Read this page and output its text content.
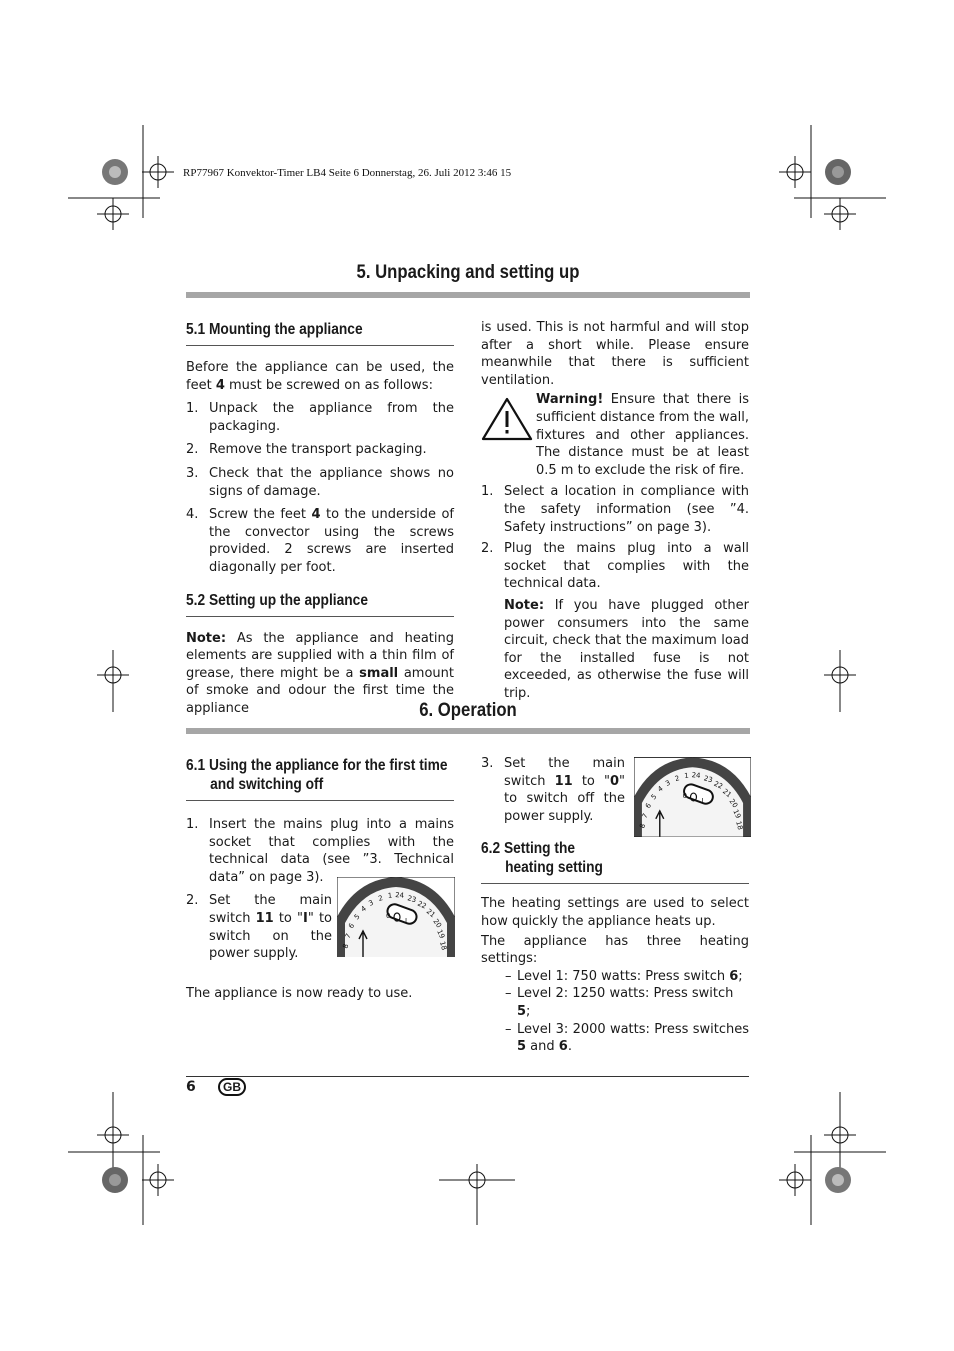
RP77967 Konvektor-Timer LB4 Seite 6 Donnerstag, 26. Juli 2012 3:46 15
5. Unpacking and setting up
5.1 Mounting the appliance

Before the appliance can be used, the feet 4 must be screwed on as follows:

1. Unpack the appliance from the packaging.
2. Remove the transport packaging.
3. Check that the appliance shows no signs of damage.
4. Screw the feet 4 to the underside of the convector using the screws provided. 2 screws are inserted diagonally per foot.
5.2 Setting up the appliance

Note: As the appliance and heating elements are supplied with a thin film of grease, there might be a small amount of smoke and odour the first time the appliance

is used. This is not harmful and will stop after a short while. Please ensure meanwhile that there is sufficient ventilation.

Warning! Ensure that there is sufficient distance from the wall, fixtures and other appliances. The distance must be at least 0.5 m to exclude the risk of fire.

1. Select a location in compliance with the safety information (see ”4. Safety instructions” on page 3).
2. Plug the mains plug into a wall socket that complies with the technical data.

Note: If you have plugged other power consumers into the same circuit, check that the maximum load for the installed fuse is not exceeded, as otherwise the fuse will trip.

6. Operation
6.1 Using the appliance for the first time
and switching off
1. Insert the mains plug into a mains socket that complies with the technical data (see ”3. Technical data” on page 3).
2. Set the main switch 11 to "I" to switch on the power supply.

The appliance is now ready to use.

8
7
6
5
4
3
2 1 24 23
22
21
20
19
18
0
I
3. Set the main switch 11 to "0" to switch off the power supply.
6.2 Setting the
heating setting

The heating settings are used to select how quickly the appliance heats up.

The appliance has three heating settings:

– Level 1: 750 watts: Press switch 6;
– Level 2: 1250 watts: Press switch 5;
– Level 3: 2000 watts: Press switches 5 and 6.
8
7
6
5
4
3
2 1 24 23
22
21
20
19
18
0
I
6	GB
